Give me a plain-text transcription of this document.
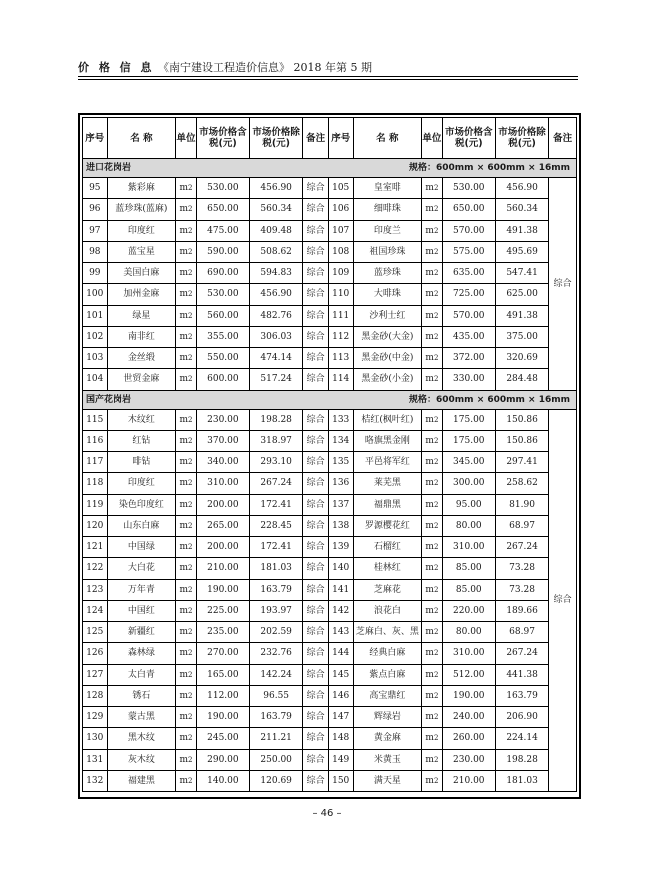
价 格 信 息 《南宁建设工程造价信息》 2018 年第 5 期
序号	名 称	单位	市场价格含税(元)	市场价格除税(元)	备注	序号	名 称	单位	市场价格含税(元)	市场价格除税(元)	备注

进口花岗岩 规格：600mm × 600mm × 16mm											

95	紫彩麻	$m^2$	530.00	456.90	综合	105	皇室啡	$m^2$	530.00	456.90	综合
96	蓝珍珠(蓝麻)	$m^2$	650.00	560.34	综合	106	细啡珠	$m^2$	650.00	560.34	
97	印度红	$m^2$	475.00	409.48	综合	107	印度兰	$m^2$	570.00	491.38	
98	蓝宝星	$m^2$	590.00	508.62	综合	108	祖国珍珠	$m^2$	575.00	495.69	
99	美国白麻	$m^2$	690.00	594.83	综合	109	蓝珍珠	$m^2$	635.00	547.41	
100	加州金麻	$m^2$	530.00	456.90	综合	110	大啡珠	$m^2$	725.00	625.00	
101	绿星	$m^2$	560.00	482.76	综合	111	沙利士红	$m^2$	570.00	491.38	
102	南非红	$m^2$	355.00	306.03	综合	112	黑金砂(大金)	$m^2$	435.00	375.00	
103	金丝缎	$m^2$	550.00	474.14	综合	113	黑金砂(中金)	$m^2$	372.00	320.69	
104	世贸金麻	$m^2$	600.00	517.24	综合	114	黑金砂(小金)	$m^2$	330.00	284.48	

国产花岗岩 规格：600mm × 600mm × 16mm											

115	木纹红	$m^2$	230.00	198.28	综合	133	桔红(枫叶红)	$m^2$	175.00	150.86	综合
116	红钻	$m^2$	370.00	318.97	综合	134	咯旗黑金刚	$m^2$	175.00	150.86	
117	啡钻	$m^2$	340.00	293.10	综合	135	平邑将军红	$m^2$	345.00	297.41	
118	印度红	$m^2$	310.00	267.24	综合	136	莱芜黑	$m^2$	300.00	258.62	
119	染色印度红	$m^2$	200.00	172.41	综合	137	福鼎黑	$m^2$	95.00	81.90	
120	山东白麻	$m^2$	265.00	228.45	综合	138	罗源樱花红	$m^2$	80.00	68.97	
121	中国绿	$m^2$	200.00	172.41	综合	139	石榴红	$m^2$	310.00	267.24	
122	大白花	$m^2$	210.00	181.03	综合	140	桂林红	$m^2$	85.00	73.28	
123	万年青	$m^2$	190.00	163.79	综合	141	芝麻花	$m^2$	85.00	73.28	
124	中国红	$m^2$	225.00	193.97	综合	142	浪花白	$m^2$	220.00	189.66	
125	新疆红	$m^2$	235.00	202.59	综合	143	芝麻白、灰、黑	$m^2$	80.00	68.97	
126	森林绿	$m^2$	270.00	232.76	综合	144	经典白麻	$m^2$	310.00	267.24	
127	太白青	$m^2$	165.00	142.24	综合	145	紫点白麻	$m^2$	512.00	441.38	
128	锈石	$m^2$	112.00	96.55	综合	146	高宝鼎红	$m^2$	190.00	163.79	
129	蒙古黑	$m^2$	190.00	163.79	综合	147	辉绿岩	$m^2$	240.00	206.90	
130	黑木纹	$m^2$	245.00	211.21	综合	148	黄金麻	$m^2$	260.00	224.14	
131	灰木纹	$m^2$	290.00	250.00	综合	149	米黄玉	$m^2$	230.00	198.28	
132	福建黑	$m^2$	140.00	120.69	综合	150	满天星	$m^2$	210.00	181.03	
– 46 –
